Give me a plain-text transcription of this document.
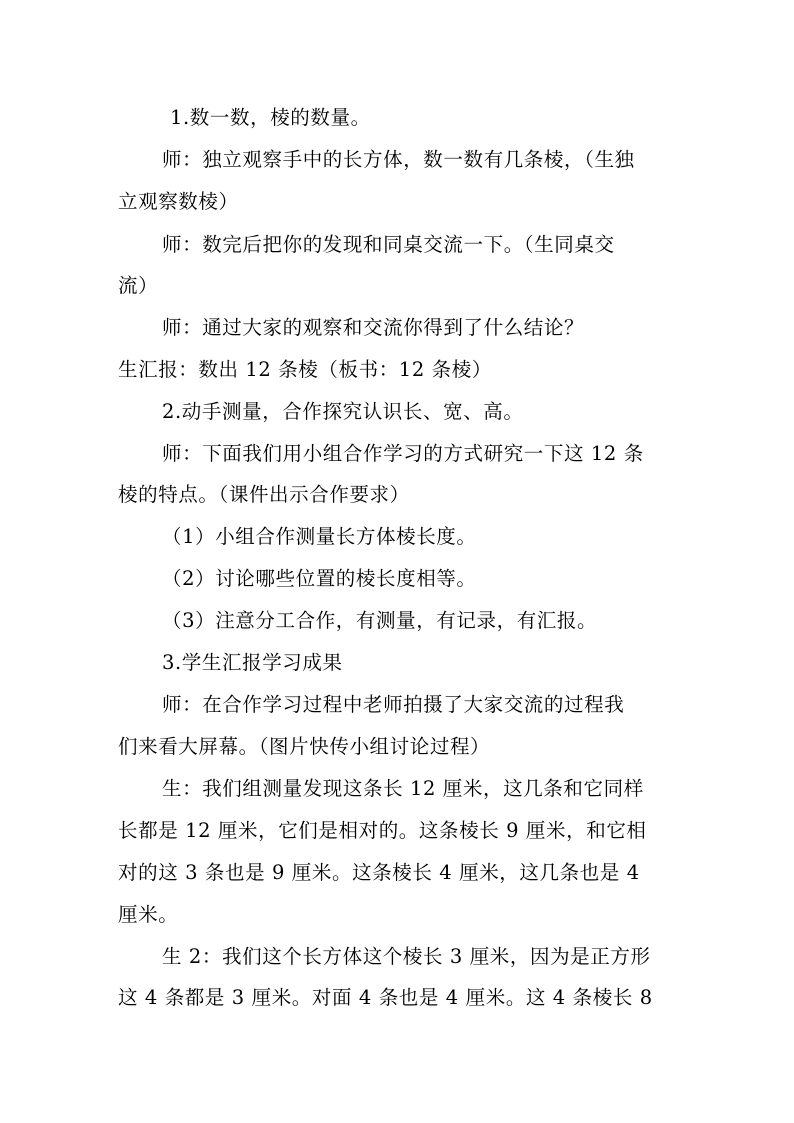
1.数一数，棱的数量。
师：独立观察手中的长方体，数一数有几条棱，（生独
立观察数棱）
师：数完后把你的发现和同桌交流一下。（生同桌交
流）
师：通过大家的观察和交流你得到了什么结论？
生汇报：数出 12 条棱（板书：12 条棱）
2.动手测量，合作探究认识长、宽、高。
师：下面我们用小组合作学习的方式研究一下这 12 条
棱的特点。（课件出示合作要求）
（1）小组合作测量长方体棱长度。
（2）讨论哪些位置的棱长度相等。
（3）注意分工合作，有测量，有记录，有汇报。
3.学生汇报学习成果
师：在合作学习过程中老师拍摄了大家交流的过程我
们来看大屏幕。（图片快传小组讨论过程）
生：我们组测量发现这条长 12 厘米，这几条和它同样
长都是 12 厘米，它们是相对的。这条棱长 9 厘米，和它相
对的这 3 条也是 9 厘米。这条棱长 4 厘米，这几条也是 4
厘米。
生 2：我们这个长方体这个棱长 3 厘米，因为是正方形
这 4 条都是 3 厘米。对面 4 条也是 4 厘米。这 4 条棱长 8
